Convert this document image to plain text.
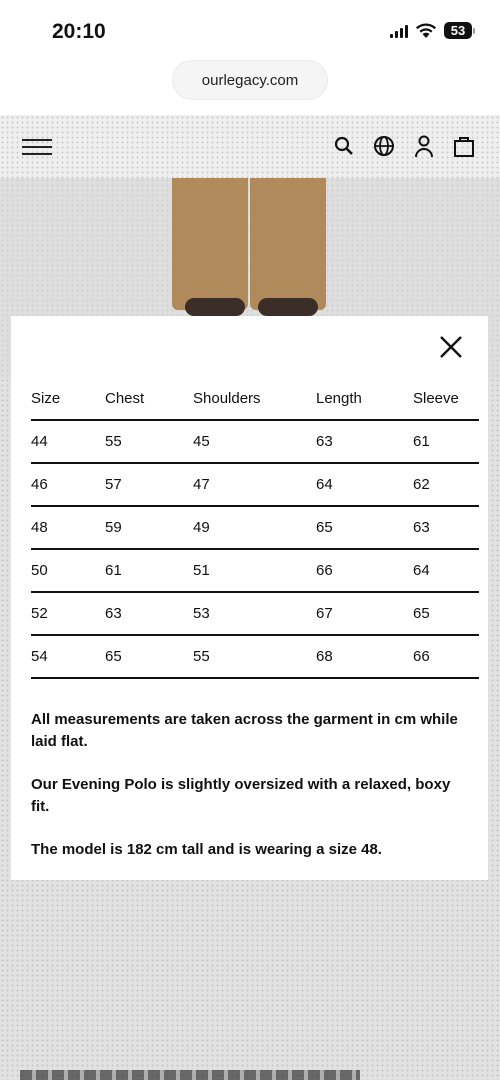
20:10	53
ourlegacy.com
Size	Chest	Shoulders	Length	Sleeve
44	55	45	63	61
46	57	47	64	62
48	59	49	65	63
50	61	51	66	64
52	63	53	67	65
54	65	55	68	66

All measurements are taken across the garment in cm while laid flat.

Our Evening Polo is slightly oversized with a relaxed, boxy fit.

The model is 182 cm tall and is wearing a size 48.
